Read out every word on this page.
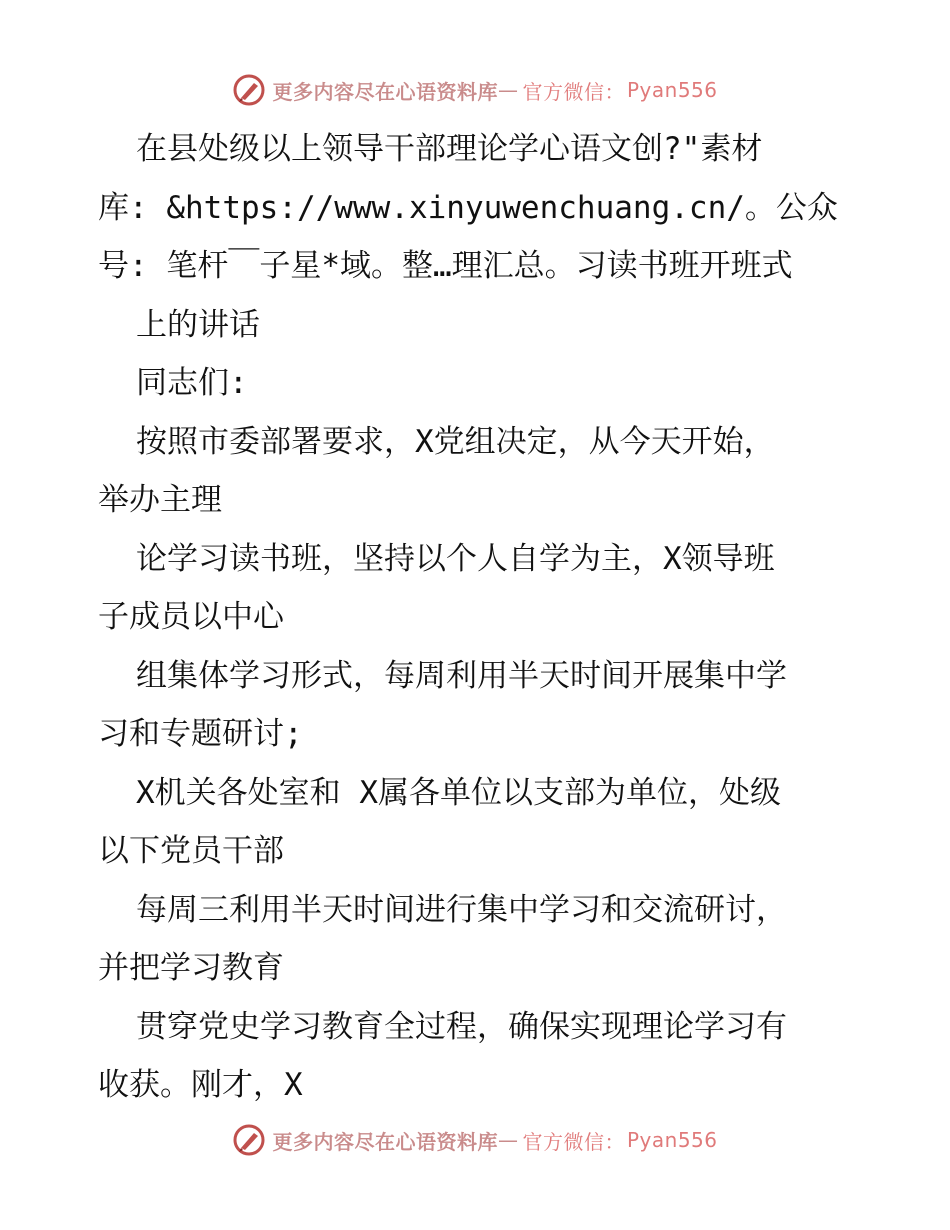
更多内容尽在心语资料库 — 官方微信： Pyan556

在县处级以上领导干部理论学心语文创?"素材

库: &https://www.xinyuwenchuang.cn/。公众

号: 笔杆￣子星*域。整…理汇总。习读书班开班式

上的讲话

同志们:

按照市委部署要求，X党组决定，从今天开始，

举办主理

论学习读书班，坚持以个人自学为主，X领导班

子成员以中心

组集体学习形式，每周利用半天时间开展集中学

习和专题研讨;

X机关各处室和 X属各单位以支部为单位，处级

以下党员干部

每周三利用半天时间进行集中学习和交流研讨，

并把学习教育

贯穿党史学习教育全过程，确保实现理论学习有

收获。刚才，X

更多内容尽在心语资料库 — 官方微信： Pyan556
